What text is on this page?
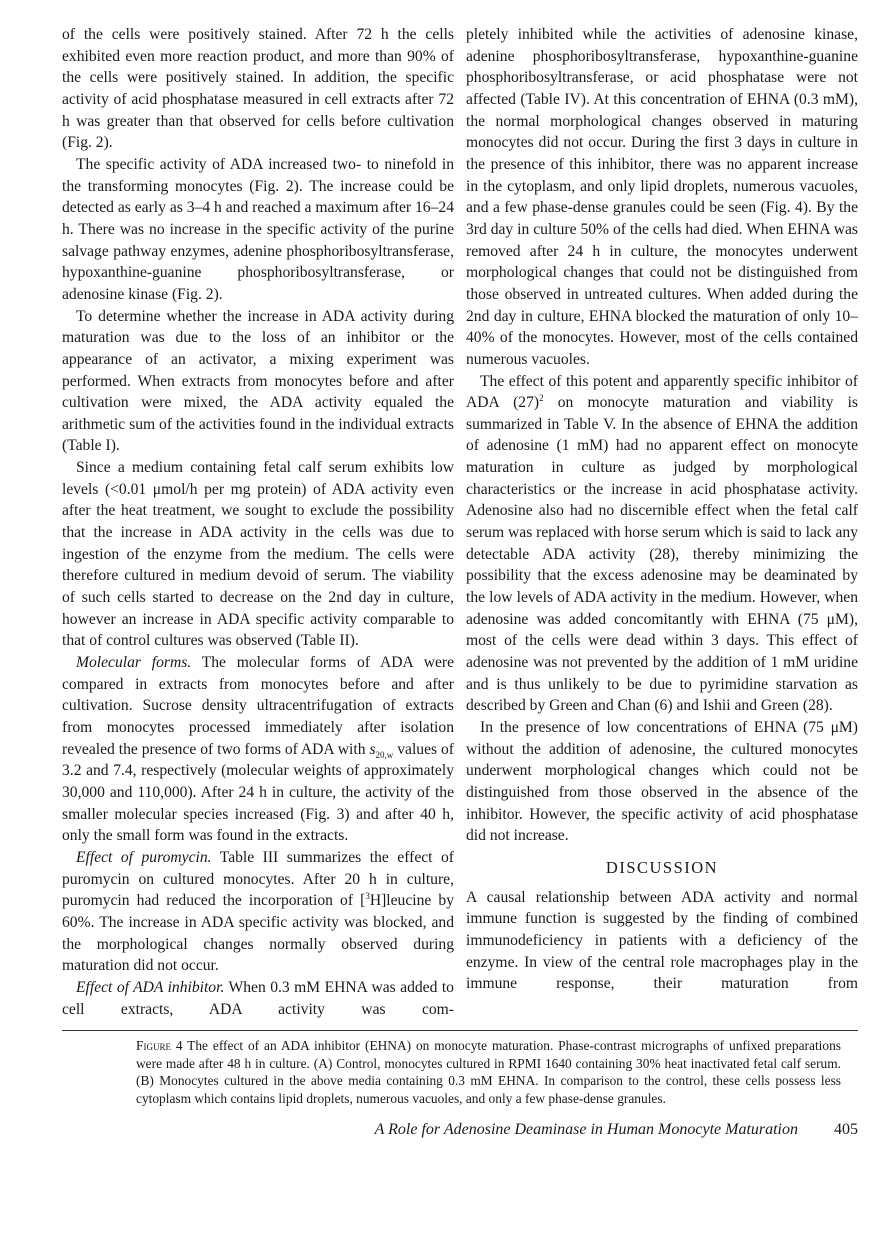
of the cells were positively stained. After 72 h the cells exhibited even more reaction product, and more than 90% of the cells were positively stained. In addition, the specific activity of acid phosphatase measured in cell extracts after 72 h was greater than that observed for cells before cultivation (Fig. 2).

The specific activity of ADA increased two- to ninefold in the transforming monocytes (Fig. 2). The increase could be detected as early as 3–4 h and reached a maximum after 16–24 h. There was no increase in the specific activity of the purine salvage pathway enzymes, adenine phosphoribosyltransferase, hypoxanthine-guanine phosphoribosyltransferase, or adenosine kinase (Fig. 2).

To determine whether the increase in ADA activity during maturation was due to the loss of an inhibitor or the appearance of an activator, a mixing experiment was performed. When extracts from monocytes before and after cultivation were mixed, the ADA activity equaled the arithmetic sum of the activities found in the individual extracts (Table I).

Since a medium containing fetal calf serum exhibits low levels (<0.01 μmol/h per mg protein) of ADA activity even after the heat treatment, we sought to exclude the possibility that the increase in ADA activity in the cells was due to ingestion of the enzyme from the medium. The cells were therefore cultured in medium devoid of serum. The viability of such cells started to decrease on the 2nd day in culture, however an increase in ADA specific activity comparable to that of control cultures was observed (Table II).

Molecular forms. The molecular forms of ADA were compared in extracts from monocytes before and after cultivation. Sucrose density ultracentrifugation of extracts from monocytes processed immediately after isolation revealed the presence of two forms of ADA with $s_{20,w}$ values of 3.2 and 7.4, respectively (molecular weights of approximately 30,000 and 110,000). After 24 h in culture, the activity of the smaller molecular species increased (Fig. 3) and after 40 h, only the small form was found in the extracts.

Effect of puromycin. Table III summarizes the effect of puromycin on cultured monocytes. After 20 h in culture, puromycin had reduced the incorporation of [$^3$H]leucine by 60%. The increase in ADA specific activity was blocked, and the morphological changes normally observed during maturation did not occur.

Effect of ADA inhibitor. When 0.3 mM EHNA was added to cell extracts, ADA activity was com-

pletely inhibited while the activities of adenosine kinase, adenine phosphoribosyltransferase, hypoxanthine-guanine phosphoribosyltransferase, or acid phosphatase were not affected (Table IV). At this concentration of EHNA (0.3 mM), the normal morphological changes observed in maturing monocytes did not occur. During the first 3 days in culture in the presence of this inhibitor, there was no apparent increase in the cytoplasm, and only lipid droplets, numerous vacuoles, and a few phase-dense granules could be seen (Fig. 4). By the 3rd day in culture 50% of the cells had died. When EHNA was removed after 24 h in culture, the monocytes underwent morphological changes that could not be distinguished from those observed in untreated cultures. When added during the 2nd day in culture, EHNA blocked the maturation of only 10–40% of the monocytes. However, most of the cells contained numerous vacuoles.

The effect of this potent and apparently specific inhibitor of ADA $(27)^2$ on monocyte maturation and viability is summarized in Table V. In the absence of EHNA the addition of adenosine (1 mM) had no apparent effect on monocyte maturation in culture as judged by morphological characteristics or the increase in acid phosphatase activity. Adenosine also had no discernible effect when the fetal calf serum was replaced with horse serum which is said to lack any detectable ADA activity (28), thereby minimizing the possibility that the excess adenosine may be deaminated by the low levels of ADA activity in the medium. However, when adenosine was added concomitantly with EHNA (75 μM), most of the cells were dead within 3 days. This effect of adenosine was not prevented by the addition of 1 mM uridine and is thus unlikely to be due to pyrimidine starvation as described by Green and Chan (6) and Ishii and Green (28).

In the presence of low concentrations of EHNA (75 μM) without the addition of adenosine, the cultured monocytes underwent morphological changes which could not be distinguished from those observed in the absence of the inhibitor. However, the specific activity of acid phosphatase did not increase.

DISCUSSION

A causal relationship between ADA activity and normal immune function is suggested by the finding of combined immunodeficiency in patients with a deficiency of the enzyme. In view of the central role macrophages play in the immune response, their maturation from

Figure 4 The effect of an ADA inhibitor (EHNA) on monocyte maturation. Phase-contrast micrographs of unfixed preparations were made after 48 h in culture. (A) Control, monocytes cultured in RPMI 1640 containing 30% heat inactivated fetal calf serum. (B) Monocytes cultured in the above media containing 0.3 mM EHNA. In comparison to the control, these cells possess less cytoplasm which contains lipid droplets, numerous vacuoles, and only a few phase-dense granules.
A Role for Adenosine Deaminase in Human Monocyte Maturation 405
